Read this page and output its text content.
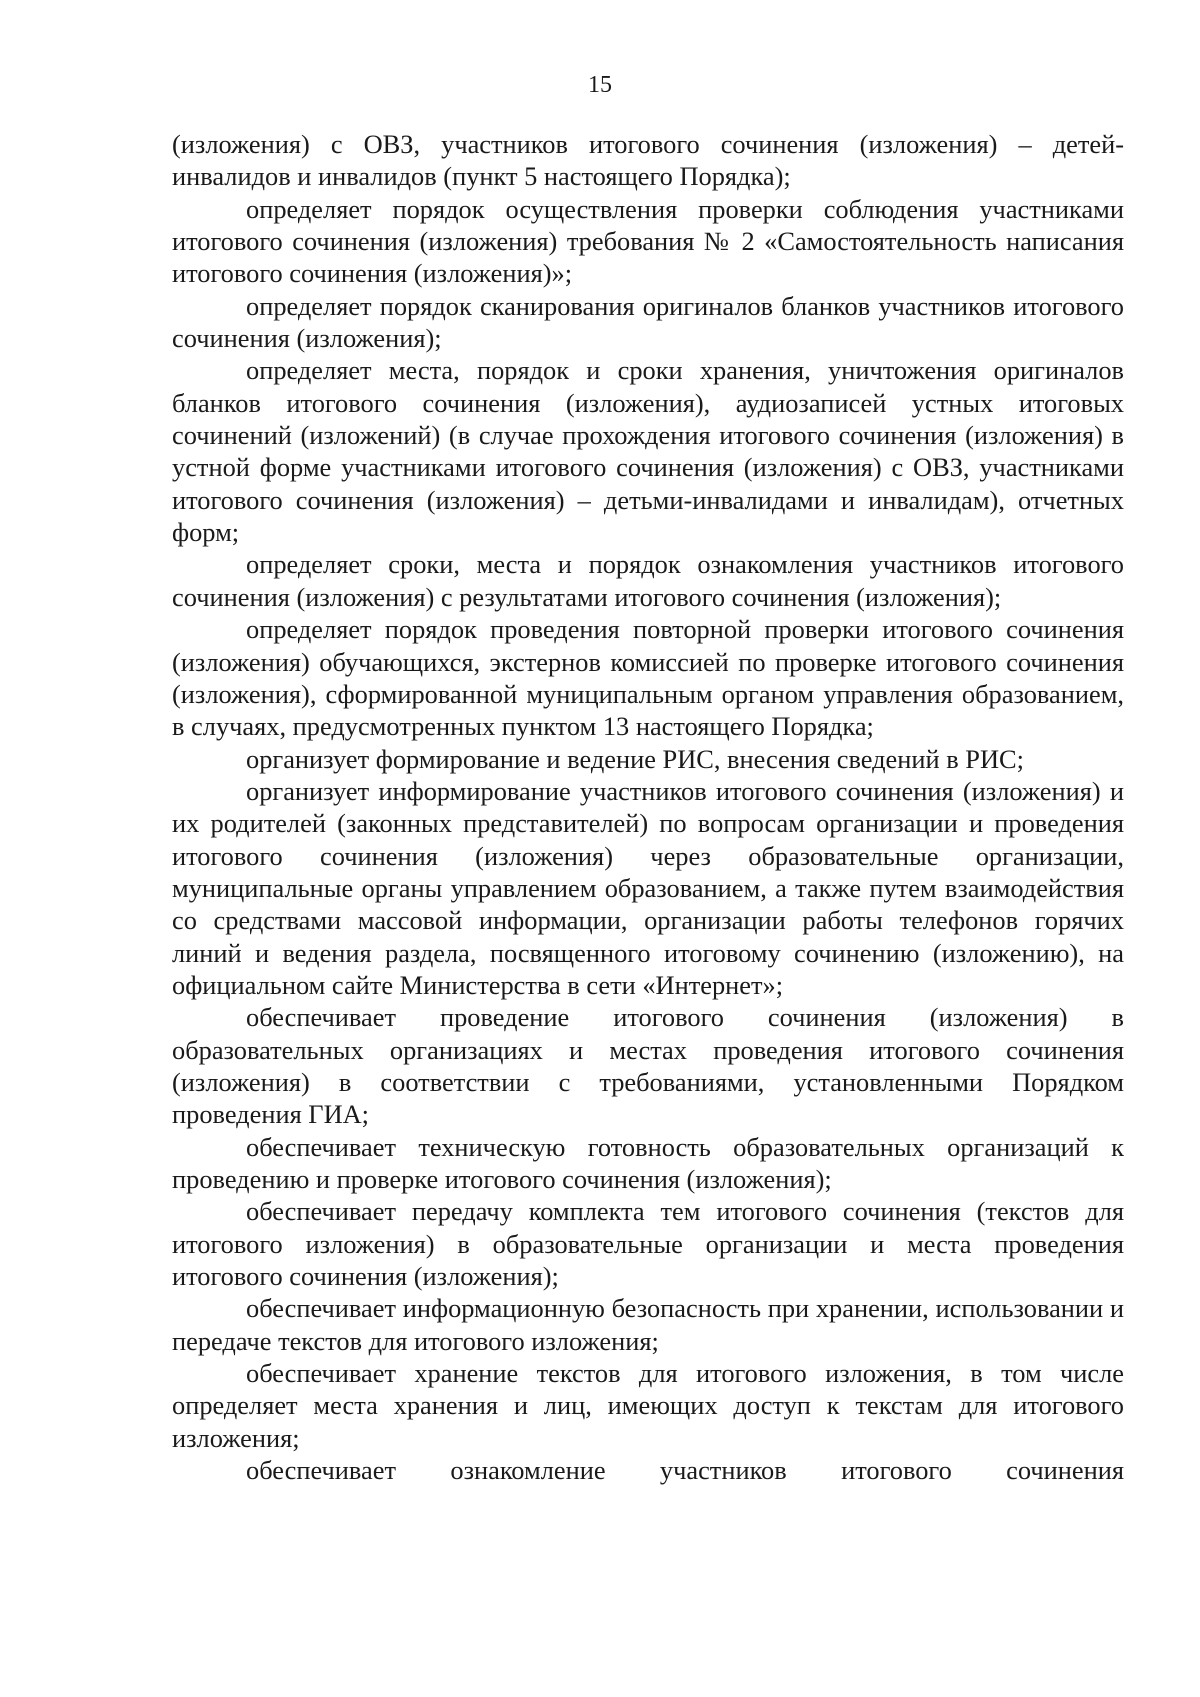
15

(изложения) с ОВЗ, участников итогового сочинения (изложения) – детей-инвалидов и инвалидов (пункт 5 настоящего Порядка);

определяет порядок осуществления проверки соблюдения участниками итогового сочинения (изложения) требования № 2 «Самостоятельность написания итогового сочинения (изложения)»;

определяет порядок сканирования оригиналов бланков участников итогового сочинения (изложения);

определяет места, порядок и сроки хранения, уничтожения оригиналов бланков итогового сочинения (изложения), аудиозаписей устных итоговых сочинений (изложений) (в случае прохождения итогового сочинения (изложения) в устной форме участниками итогового сочинения (изложения) с ОВЗ, участниками итогового сочинения (изложения) – детьми-инвалидами и инвалидам), отчетных форм;

определяет сроки, места и порядок ознакомления участников итогового сочинения (изложения) с результатами итогового сочинения (изложения);

определяет порядок проведения повторной проверки итогового сочинения (изложения) обучающихся, экстернов комиссией по проверке итогового сочинения (изложения), сформированной муниципальным органом управления образованием, в случаях, предусмотренных пунктом 13 настоящего Порядка;

организует формирование и ведение РИС, внесения сведений в РИС;

организует информирование участников итогового сочинения (изложения) и их родителей (законных представителей) по вопросам организации и проведения итогового сочинения (изложения) через образовательные организации, муниципальные органы управлением образованием, а также путем взаимодействия со средствами массовой информации, организации работы телефонов горячих линий и ведения раздела, посвященного итоговому сочинению (изложению), на официальном сайте Министерства в сети «Интернет»;

обеспечивает проведение итогового сочинения (изложения) в образовательных организациях и местах проведения итогового сочинения (изложения) в соответствии с требованиями, установленными Порядком проведения ГИА;

обеспечивает техническую готовность образовательных организаций к проведению и проверке итогового сочинения (изложения);

обеспечивает передачу комплекта тем итогового сочинения (текстов для итогового изложения) в образовательные организации и места проведения итогового сочинения (изложения);

обеспечивает информационную безопасность при хранении, использовании и передаче текстов для итогового изложения;

обеспечивает хранение текстов для итогового изложения, в том числе определяет места хранения и лиц, имеющих доступ к текстам для итогового изложения;

обеспечивает ознакомление участников итогового сочинения
